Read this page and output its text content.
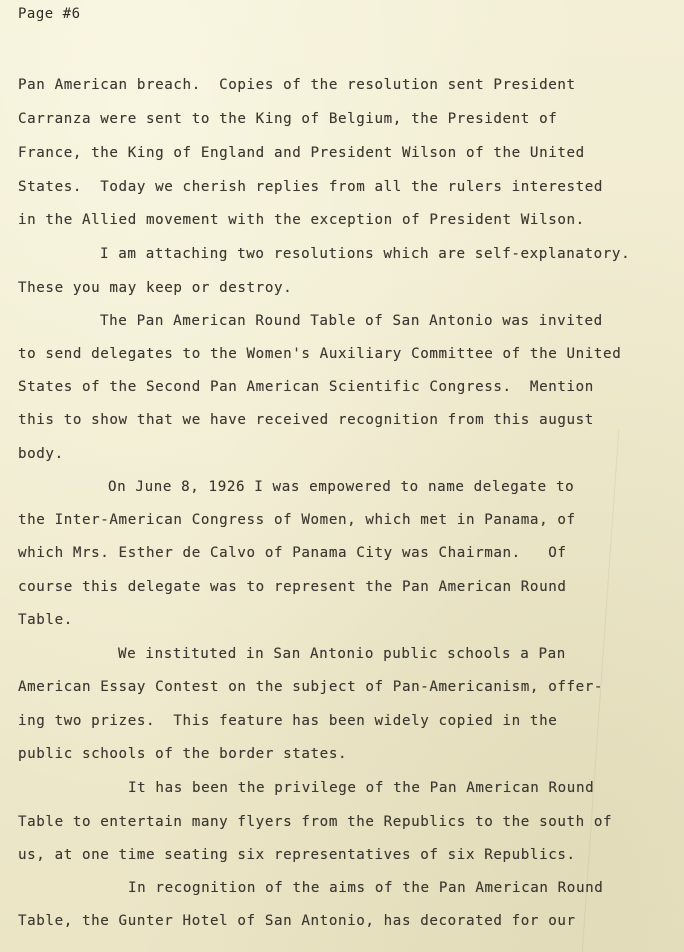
Page #6
Pan American breach.  Copies of the resolution sent President
Carranza were sent to the King of Belgium, the President of
France, the King of England and President Wilson of the United
States.  Today we cherish replies from all the rulers interested
in the Allied movement with the exception of President Wilson.
I am attaching two resolutions which are self-explanatory.
These you may keep or destroy.
The Pan American Round Table of San Antonio was invited
to send delegates to the Women's Auxiliary Committee of the United
States of the Second Pan American Scientific Congress.  Mention
this to show that we have received recognition from this august
body.
On June 8, 1926 I was empowered to name delegate to
the Inter-American Congress of Women, which met in Panama, of
which Mrs. Esther de Calvo of Panama City was Chairman.   Of
course this delegate was to represent the Pan American Round
Table.
We instituted in San Antonio public schools a Pan
American Essay Contest on the subject of Pan-Americanism, offer-
ing two prizes.  This feature has been widely copied in the
public schools of the border states.
It has been the privilege of the Pan American Round
Table to entertain many flyers from the Republics to the south of
us, at one time seating six representatives of six Republics.
In recognition of the aims of the Pan American Round
Table, the Gunter Hotel of San Antonio, has decorated for our
